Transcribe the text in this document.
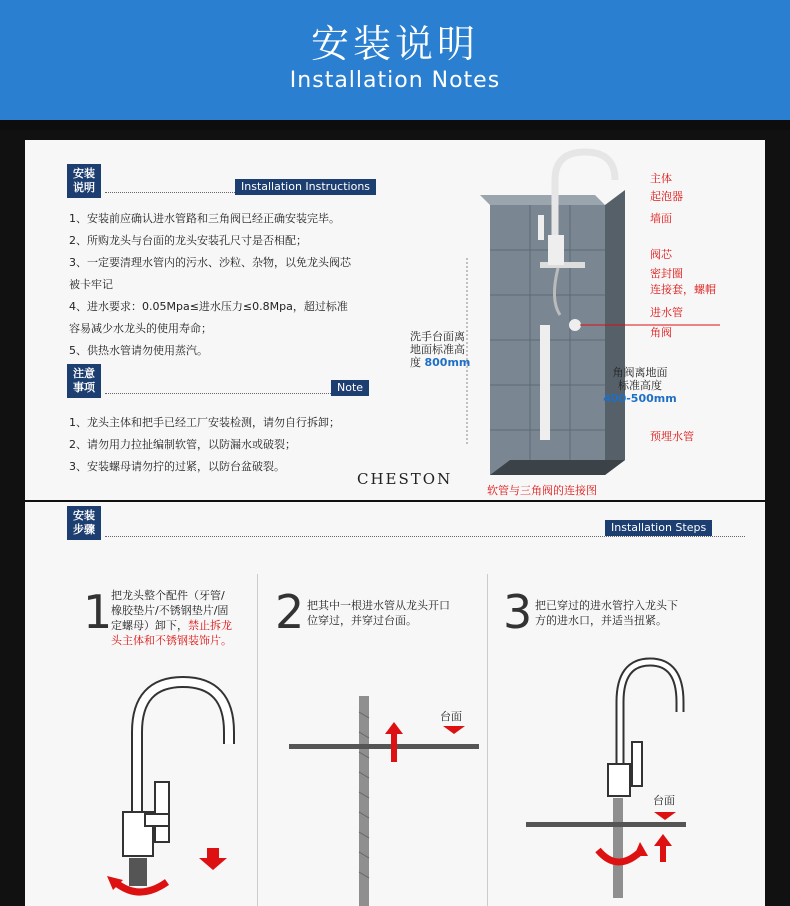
安装说明
Installation Notes
安装
说明	Installation Instructions
1、安装前应确认进水管路和三角阀已经正确安装完毕。
2、所购龙头与台面的龙头安装孔尺寸是否相配；
3、一定要清理水管内的污水、沙粒、杂物，以免龙头阀芯
被卡牢记
4、进水要求：0.05Mpa≤进水压力≤0.8Mpa，超过标准
容易减少水龙头的使用寿命；
5、供热水管请勿使用蒸汽。
注意
事项	Note
1、龙头主体和把手已经工厂安装检测，请勿自行拆卸；
2、请勿用力拉扯编制软管，以防漏水或破裂；
3、安装螺母请勿拧的过紧，以防台盆破裂。
CHESTON
主体
起泡器
墙面
阀芯
密封圈
连接套，螺帽
进水管
角阀
预埋水管
洗手台面离
地面标准高
度 800mm
角阀离地面
标准高度
400-500mm
软管与三角阀的连接图
安装
步骤	Installation Steps
1
把龙头整个配件（牙管/
橡胶垫片/不锈钢垫片/固
定螺母）卸下，禁止拆龙
头主体和不锈钢装饰片。
2 把其中一根进水管从龙头开口
位穿过，并穿过台面。	3 把已穿过的进水管拧入龙头下
方的进水口，并适当扭紧。
台面
台面
